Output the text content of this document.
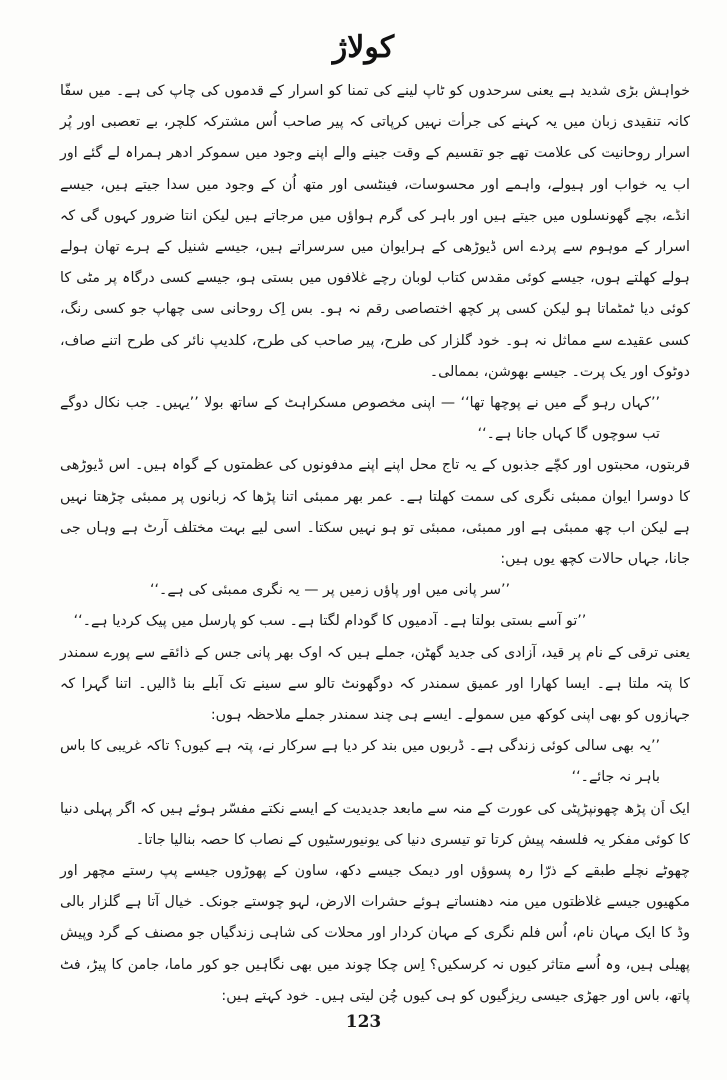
کولاژ

خواہش بڑی شدید ہے یعنی سرحدوں کو ٹاپ لینے کی تمنا کو اسرار کے قدموں کی چاپ کی ہے۔ میں سفّا کانہ تنقیدی زبان میں یہ کہنے کی جرأت نہیں کرپاتی کہ پیر صاحب اُس مشترکہ کلچر، بے تعصبی اور پُر اسرار روحانیت کی علامت تھے جو تقسیم کے وقت جینے والے اپنے وجود میں سموکر ادھر ہمراہ لے گئے اور اب یہ خواب اور ہیولے، واہمے اور محسوسات، فینٹسی اور متھ اُن کے وجود میں سدا جیتے ہیں، جیسے انڈے، بچے گھونسلوں میں جیتے ہیں اور باہر کی گرم ہواؤں میں مرجاتے ہیں لیکن انتا ضرور کہوں گی کہ اسرار کے موہوم سے پردے اس ڈیوڑھی کے ہرایوان میں سرسراتے ہیں، جیسے شنیل کے ہرے تھان ہولے ہولے کھلتے ہوں، جیسے کوئی مقدس کتاب لوبان رچے غلافوں میں بستی ہو، جیسے کسی درگاہ پر مٹی کا کوئی دیا ٹمٹماتا ہو لیکن کسی پر کچھ اختصاصی رقم نہ ہو۔ بس اِک روحانی سی چھاپ جو کسی رنگ، کسی عقیدے سے مماثل نہ ہو۔ خود گلزار کی طرح، پیر صاحب کی طرح، کلدیپ نائر کی طرح اتنے صاف، دوٹوک اور یک پرت۔ جیسے بھوشن، بممالی۔

’’کہاں رہو گے میں نے پوچھا تھا‘‘ — اپنی مخصوص مسکراہٹ کے ساتھ بولا ’’یہیں۔ جب نکال دوگے تب سوچوں گا کہاں جانا ہے۔‘‘

قربتوں، محبتوں اور کچّے جذبوں کے یہ تاج محل اپنے اپنے مدفونوں کی عظمتوں کے گواہ ہیں۔ اس ڈیوڑھی کا دوسرا ایوان ممبئی نگری کی سمت کھلتا ہے۔ عمر بھر ممبئی اتنا پڑھا کہ زبانوں پر ممبئی چڑھتا نہیں ہے لیکن اب چھ ممبئی ہے اور ممبئی، ممبئی تو ہو نہیں سکتا۔ اسی لیے بہت مختلف آرٹ ہے وہاں جی جانا، جہاں حالات کچھ یوں ہیں:

’’سر پانی میں اور پاؤں زمیں پر — یہ نگری ممبئی کی ہے۔‘‘

’’تو آسے بستی بولتا ہے۔ آدمیوں کا گودام لگتا ہے۔ سب کو پارسل میں پیک کردیا ہے۔‘‘

یعنی ترقی کے نام پر قید، آزادی کی جدید گھٹن، جملے ہیں کہ اوک بھر پانی جس کے ذائقے سے پورے سمندر کا پتہ ملتا ہے۔ ایسا کھارا اور عمیق سمندر کہ دوگھونٹ تالو سے سینے تک آبلے بنا ڈالیں۔ اتنا گہرا کہ جہازوں کو بھی اپنی کوکھ میں سمولے۔ ایسے ہی چند سمندر جملے ملاحظہ ہوں:

’’یہ بھی سالی کوئی زندگی ہے۔ ڈربوں میں بند کر دیا ہے سرکار نے، پتہ ہے کیوں؟ تاکہ غریبی کا باس باہر نہ جائے۔‘‘

ایک اَن پڑھ چھونپڑپٹی کی عورت کے منہ سے مابعد جدیدیت کے ایسے نکتے مفسّر ہوئے ہیں کہ اگر پہلی دنیا کا کوئی مفکر یہ فلسفہ پیش کرتا تو تیسری دنیا کی یونیورسٹیوں کے نصاب کا حصہ بنالیا جاتا۔

چھوٹے نچلے طبقے کے ذرّا رہ پسوؤں اور دیمک جیسے دکھ، ساون کے پھوڑوں جیسے پپ رستے مچھر اور مکھیوں جیسے غلاظتوں میں منہ دھنساتے ہوئے حشرات الارض، لہو چوستے جونک۔ خیال آتا ہے گلزار بالی وڈ کا ایک مہان نام، اُس فلم نگری کے مہان کردار اور محلات کی شاہی زندگیاں جو مصنف کے گرد وپیش پھیلی ہیں، وہ اُسے متاثر کیوں نہ کرسکیں؟ اِس چکا چوند میں بھی نگاہیں جو کور ماما، جامن کا پیڑ، فٹ پاتھ، باس اور جھڑی جیسی ریزگیوں کو ہی کیوں چُن لیتی ہیں۔ خود کہتے ہیں:

123
